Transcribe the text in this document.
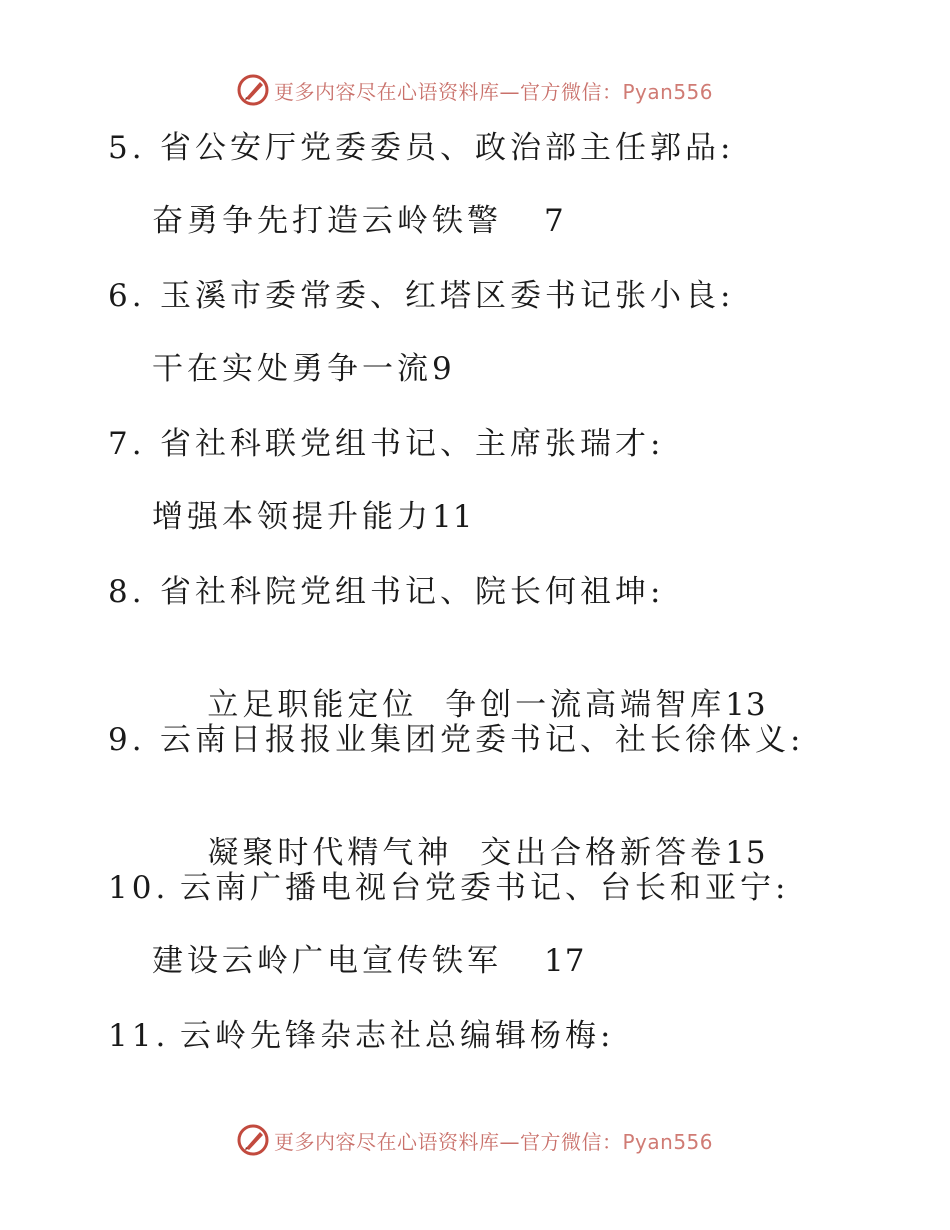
更多内容尽在心语资料库—官方微信：Pyan556
5. 省公安厅党委委员、政治部主任郭品:
奋勇争先打造云岭铁警 7
6. 玉溪市委常委、红塔区委书记张小良:
干在实处勇争一流9
7. 省社科联党组书记、主席张瑞才:
增强本领提升能力11
8. 省社科院党组书记、院长何祖坤:

立足职能定位  争创一流高端智库13

9. 云南日报报业集团党委书记、社长徐体义:

凝聚时代精气神  交出合格新答卷15

10. 云南广播电视台党委书记、台长和亚宁:
建设云岭广电宣传铁军 17
11. 云岭先锋杂志社总编辑杨梅:
更多内容尽在心语资料库—官方微信：Pyan556
